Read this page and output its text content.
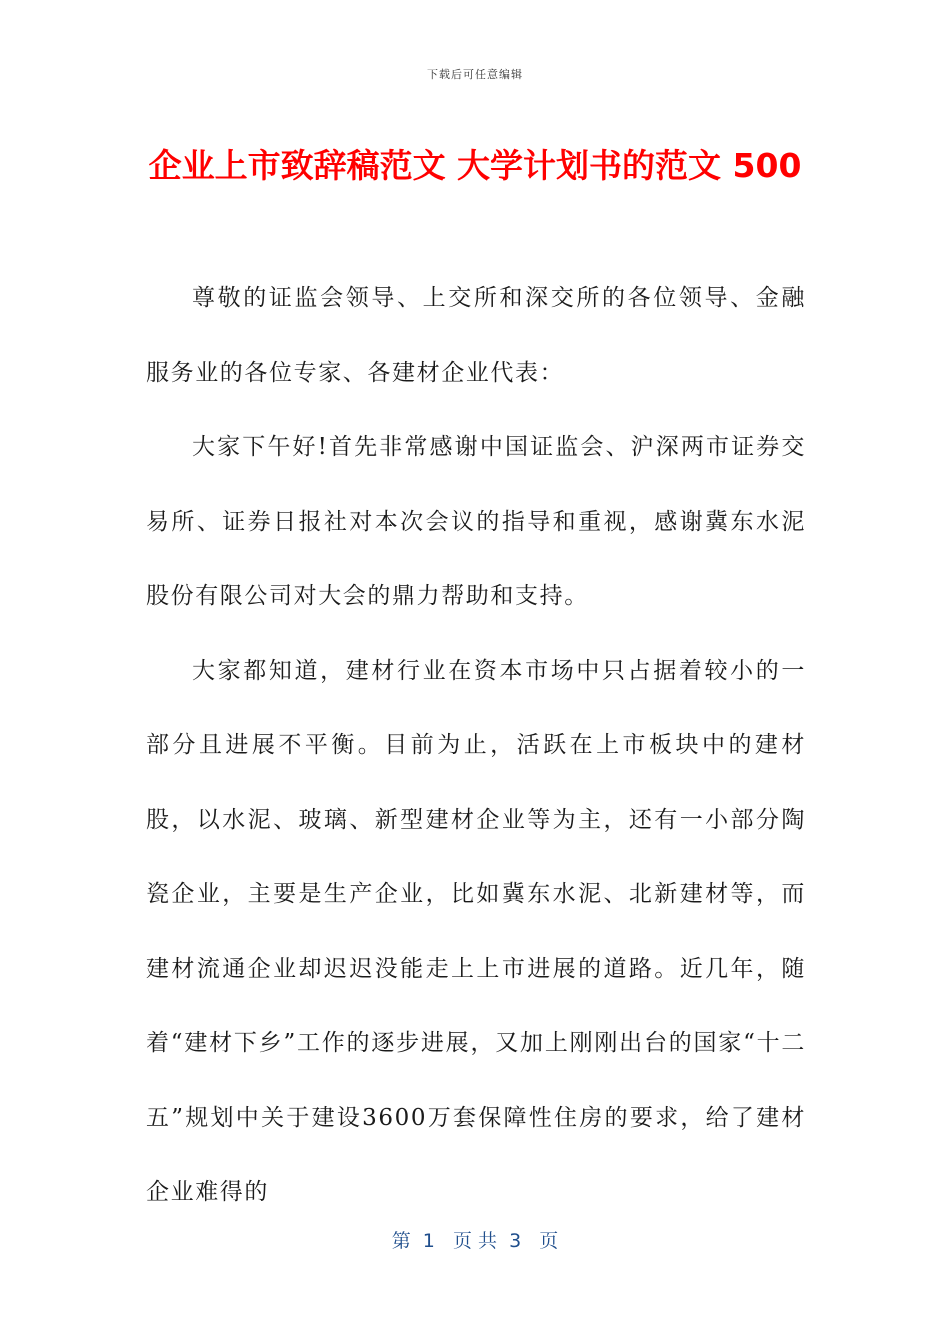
下载后可任意编辑
企业上市致辞稿范文 大学计划书的范文 500

尊敬的证监会领导、上交所和深交所的各位领导、金融服务业的各位专家、各建材企业代表：

大家下午好!首先非常感谢中国证监会、沪深两市证券交易所、证券日报社对本次会议的指导和重视，感谢冀东水泥股份有限公司对大会的鼎力帮助和支持。

大家都知道，建材行业在资本市场中只占据着较小的一部分且进展不平衡。目前为止，活跃在上市板块中的建材股，以水泥、玻璃、新型建材企业等为主，还有一小部分陶瓷企业，主要是生产企业，比如冀东水泥、北新建材等，而建材流通企业却迟迟没能走上上市进展的道路。近几年，随着“建材下乡”工作的逐步进展，又加上刚刚出台的国家“十二五”规划中关于建设3600万套保障性住房的要求，给了建材企业难得的

第  1   页 共  3   页
